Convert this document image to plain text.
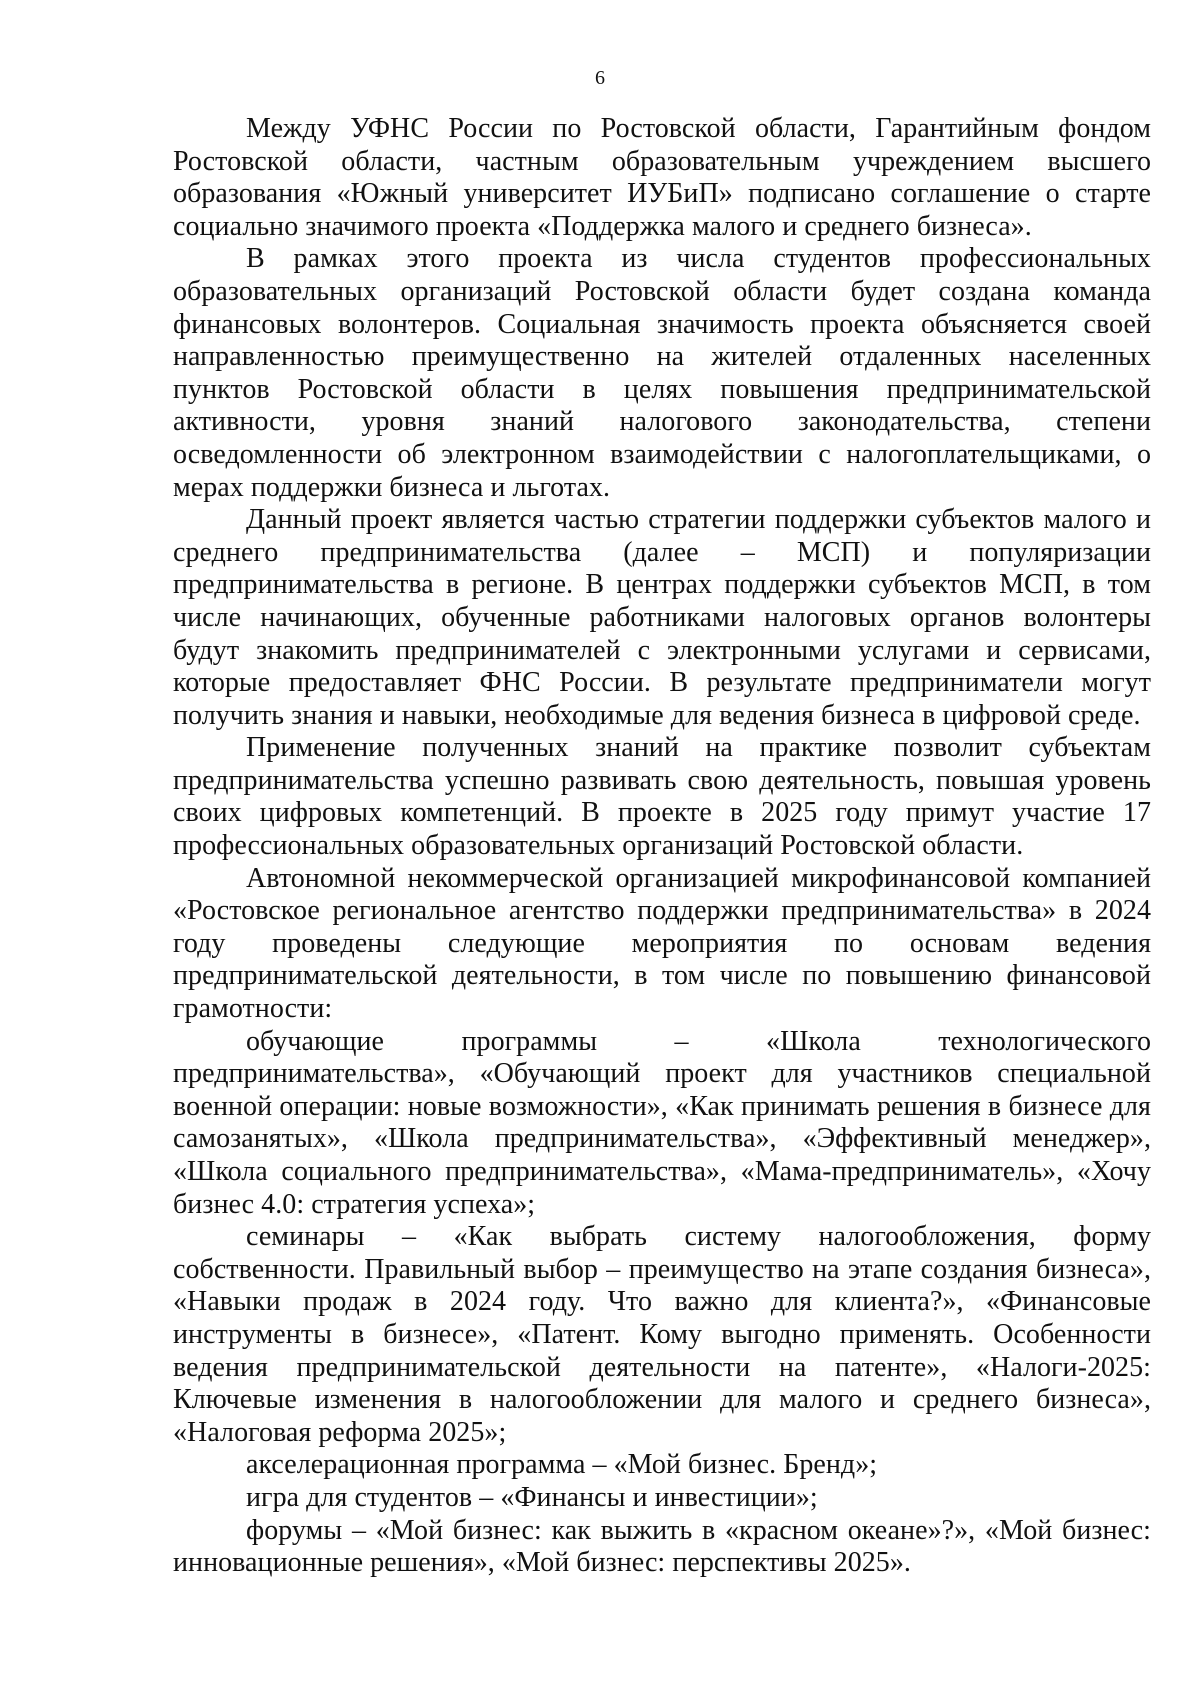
6

Между УФНС России по Ростовской области, Гарантийным фондом Ростовской области, частным образовательным учреждением высшего образования «Южный университет ИУБиП» подписано соглашение о старте социально значимого проекта «Поддержка малого и среднего бизнеса».

В рамках этого проекта из числа студентов профессиональных образовательных организаций Ростовской области будет создана команда финансовых волонтеров. Социальная значимость проекта объясняется своей направленностью преимущественно на жителей отдаленных населенных пунктов Ростовской области в целях повышения предпринимательской активности, уровня знаний налогового законодательства, степени осведомленности об электронном взаимодействии с налогоплательщиками, о мерах поддержки бизнеса и льготах.

Данный проект является частью стратегии поддержки субъектов малого и среднего предпринимательства (далее – МСП) и популяризации предпринимательства в регионе. В центрах поддержки субъектов МСП, в том числе начинающих, обученные работниками налоговых органов волонтеры будут знакомить предпринимателей с электронными услугами и сервисами, которые предоставляет ФНС России. В результате предприниматели могут получить знания и навыки, необходимые для ведения бизнеса в цифровой среде.

Применение полученных знаний на практике позволит субъектам предпринимательства успешно развивать свою деятельность, повышая уровень своих цифровых компетенций. В проекте в 2025 году примут участие 17 профессиональных образовательных организаций Ростовской области.

Автономной некоммерческой организацией микрофинансовой компанией «Ростовское региональное агентство поддержки предпринимательства» в 2024 году проведены следующие мероприятия по основам ведения предпринимательской деятельности, в том числе по повышению финансовой грамотности:

обучающие программы – «Школа технологического предпринимательства», «Обучающий проект для участников специальной военной операции: новые возможности», «Как принимать решения в бизнесе для самозанятых», «Школа предпринимательства», «Эффективный менеджер», «Школа социального предпринимательства», «Мама-предприниматель», «Хочу бизнес 4.0: стратегия успеха»;

семинары – «Как выбрать систему налогообложения, форму собственности. Правильный выбор – преимущество на этапе создания бизнеса», «Навыки продаж в 2024 году. Что важно для клиента?», «Финансовые инструменты в бизнесе», «Патент. Кому выгодно применять. Особенности ведения предпринимательской деятельности на патенте», «Налоги-2025: Ключевые изменения в налогообложении для малого и среднего бизнеса», «Налоговая реформа 2025»;

акселерационная программа – «Мой бизнес. Бренд»;

игра для студентов – «Финансы и инвестиции»;

форумы – «Мой бизнес: как выжить в «красном океане»?», «Мой бизнес: инновационные решения», «Мой бизнес: перспективы 2025».
